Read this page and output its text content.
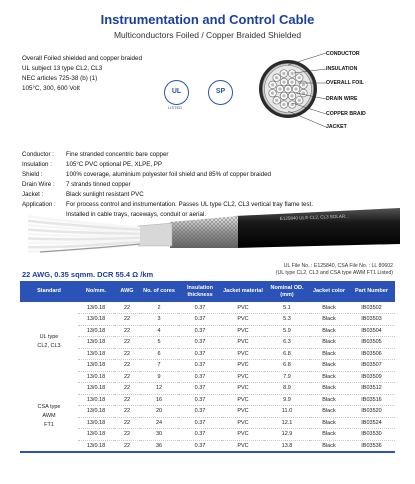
Instrumentation and Control Cable
Multiconductors Foiled / Copper Braided Shielded
Overall Foiled shielded and copper braided
UL subject 13 type CL2, CL3
NEC articles 725-38 (b) (1)
105°C, 300, 600 Volt	UL
LISTED
SP
CONDUCTOR
INSULATION
OVERALL FOIL
DRAIN WIRE
COPPER BRAID
JACKET
Conductor :	Fine stranded concentric bare copper
Insulation :	105°C PVC optional PE, XLPE, PP
Shield :	100% coverage, aluminium polyester foil shield and 85% of copper braided
Drain Wire :	7 strands tinned copper
Jacket :	Black sunlight resistant PVC
Application :	For process control and instrumentation. Passes UL type CL2, CL3 vertical tray flame test.
Installed in cable trays, raceways, conduit or aerial.	E125840 UL® CL2, CL3 SOLAR...
UL File No. : E125840, CSA File No. : LL 80602
(UL type CL2, CL3 and CSA type AWM FT1 Listed)
22 AWG, 0.35 sqmm. DCR 55.4 Ω /km
Standard	No/mm.	AWG	No. of cores	Insulation thickness	Jacket material	Nominal OD.(mm)	Jacket color	Part Number
UL type
CL2, CL3	13/0.18	22	2	0.37	PVC	5.1	Black	IB03502
	13/0.18	22	3	0.37	PVC	5.3	Black	IB03503
	13/0.18	22	4	0.37	PVC	5.9	Black	IB03504
	13/0.18	22	5	0.37	PVC	6.3	Black	IB03505
	13/0.18	22	6	0.37	PVC	6.8	Black	IB03506
	13/0.18	22	7	0.37	PVC	6.8	Black	IB03507
	13/0.18	22	9	0.37	PVC	7.9	Black	IB03509
CSA type
AWM
FT1	13/0.18	22	12	0.37	PVC	8.9	Black	IB03512
	13/0.18	22	16	0.37	PVC	9.9	Black	IB03516
	13/0.18	22	20	0.37	PVC	11.0	Black	IB03520
	13/0.18	22	24	0.37	PVC	12.1	Black	IB03524
	13/0.18	22	30	0.37	PVC	12.9	Black	IB03530
	13/0.18	22	36	0.37	PVC	13.8	Black	IB03536
